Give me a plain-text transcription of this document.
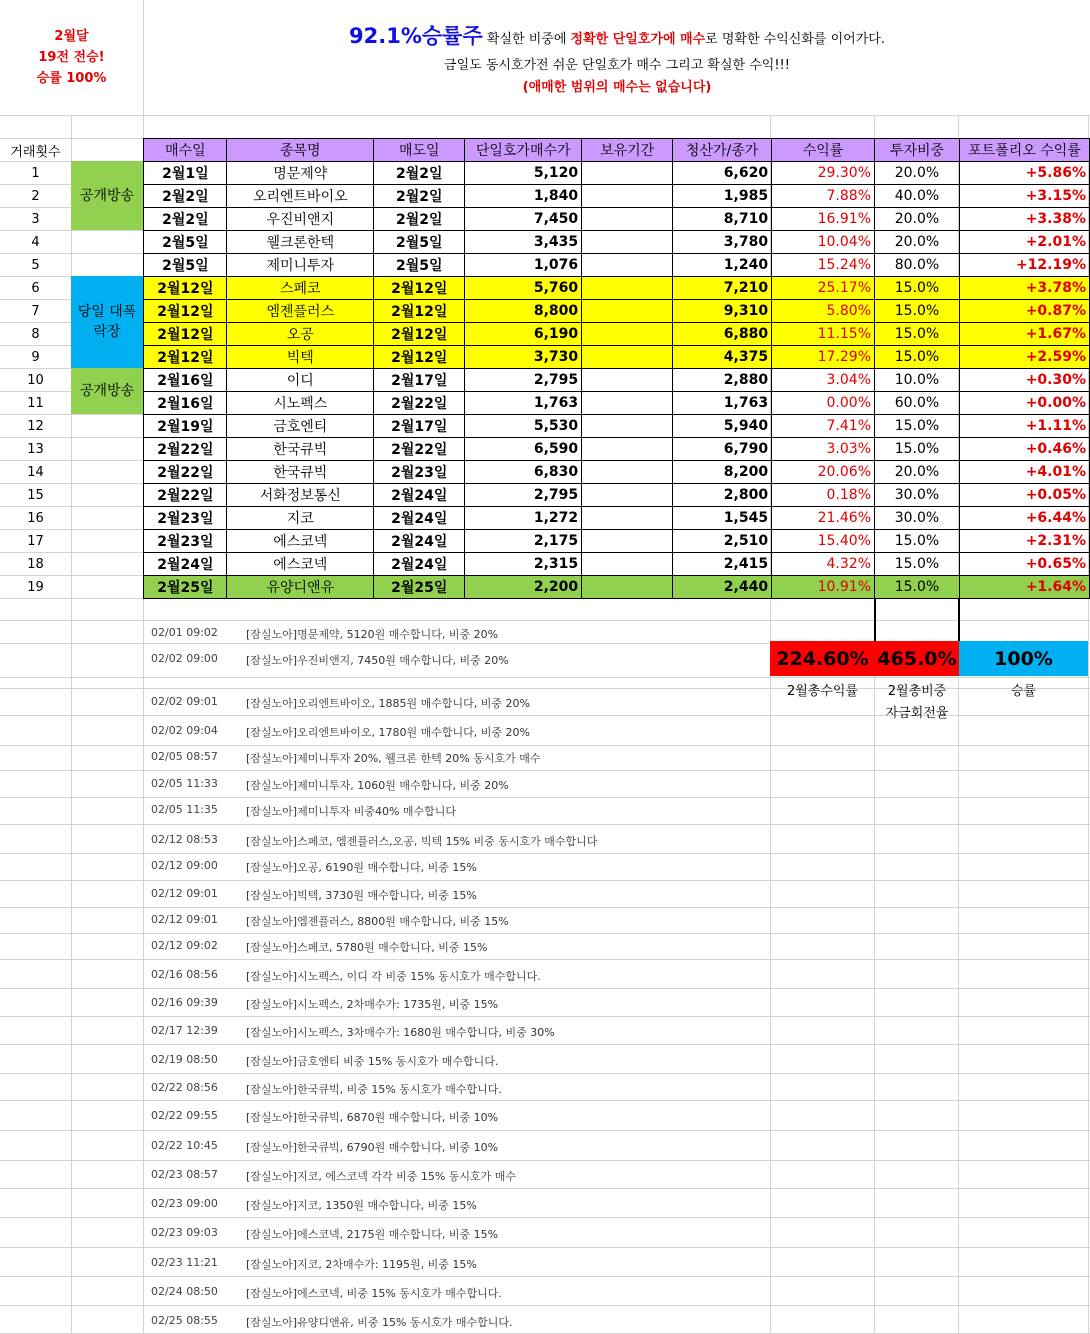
2월달
19전 전승!
승률 100%
92.1%승률주 확실한 비중에 정확한 단일호가에 매수로 명확한 수익신화를 이어가다.
금일도 동시호가전 쉬운 단일호가 매수 그리고 확실한 수익!!!
(애매한 범위의 매수는 없습니다)
거래횟수		매수일	종목명	매도일	단일호가매수가	보유기간	청산가/종가	수익률	투자비중	포트폴리오 수익률
1		2월1일	명문제약	2월2일	5,120		6,620	29.30%	20.0%	+5.86%
2		2월2일	오리엔트바이오	2월2일	1,840		1,985	7.88%	40.0%	+3.15%
3		2월2일	우진비앤지	2월2일	7,450		8,710	16.91%	20.0%	+3.38%
4		2월5일	웰크론한텍	2월5일	3,435		3,780	10.04%	20.0%	+2.01%
5		2월5일	제미니투자	2월5일	1,076		1,240	15.24%	80.0%	+12.19%
6		2월12일	스페코	2월12일	5,760		7,210	25.17%	15.0%	+3.78%
7		2월12일	엠젠플러스	2월12일	8,800		9,310	5.80%	15.0%	+0.87%
8		2월12일	오공	2월12일	6,190		6,880	11.15%	15.0%	+1.67%
9		2월12일	빅텍	2월12일	3,730		4,375	17.29%	15.0%	+2.59%
10		2월16일	이디	2월17일	2,795		2,880	3.04%	10.0%	+0.30%
11		2월16일	시노펙스	2월22일	1,763		1,763	0.00%	60.0%	+0.00%
12		2월19일	금호엔티	2월17일	5,530		5,940	7.41%	15.0%	+1.11%
13		2월22일	한국큐빅	2월22일	6,590		6,790	3.03%	15.0%	+0.46%
14		2월22일	한국큐빅	2월23일	6,830		8,200	20.06%	20.0%	+4.01%
15		2월22일	서화정보통신	2월24일	2,795		2,800	0.18%	30.0%	+0.05%
16		2월23일	지코	2월24일	1,272		1,545	21.46%	30.0%	+6.44%
17		2월23일	에스코넥	2월24일	2,175		2,510	15.40%	15.0%	+2.31%
18		2월24일	에스코넥	2월24일	2,315		2,415	4.32%	15.0%	+0.65%
19		2월25일	유양디앤유	2월25일	2,200		2,440	10.91%	15.0%	+1.64%
공개방송
당일 대폭락장
공개방송
224.60% 465.0%	100%
2월총수익률	2월총비중
자금회전율
승률
02/01 09:02	[잠실노아]명문제약, 5120원 매수합니다, 비중 20%
02/02 09:00	[잠실노아]우진비앤지, 7450원 매수합니다, 비중 20%
02/02 09:01	[잠실노아]오리엔트바이오, 1885원 매수합니다, 비중 20%
02/02 09:04	[잠실노아]오리엔트바이오, 1780원 매수합니다, 비중 20%
02/05 08:57	[잠실노아]제미니투자 20%, 웰크론 한텍 20% 동시호가 매수
02/05 11:33	[잠실노아]제미니투자, 1060원 매수합니다, 비중 20%
02/05 11:35	[잠실노아]제미니투자 비중40% 매수합니다
02/12 08:53	[잠실노아]스페코, 엠젠플러스,오공, 빅텍 15% 비중 동시호가 매수합니다
02/12 09:00	[잠실노아]오공, 6190원 매수합니다, 비중 15%
02/12 09:01	[잠실노아]빅텍, 3730원 매수합니다, 비중 15%
02/12 09:01	[잠실노아]엠젠플러스, 8800원 매수합니다, 비중 15%
02/12 09:02	[잠실노아]스페코, 5780원 매수합니다, 비중 15%
02/16 08:56	[잠실노아]시노펙스, 이디 각 비중 15% 동시호가 매수합니다.
02/16 09:39	[잠실노아]시노펙스, 2차매수가: 1735원, 비중 15%
02/17 12:39	[잠실노아]시노펙스, 3차매수가: 1680원 매수합니다, 비중 30%
02/19 08:50	[잠실노아]금호엔티 비중 15% 동시호가 매수합니다.
02/22 08:56	[잠실노아]한국큐빅, 비중 15% 동시호가 매수합니다.
02/22 09:55	[잠실노아]한국큐빅, 6870원 매수합니다, 비중 10%
02/22 10:45	[잠실노아]한국큐빅, 6790원 매수합니다, 비중 10%
02/23 08:57	[잠실노아]지코, 에스코넥 각각 비중 15% 동시호가 매수
02/23 09:00	[잠실노아]지코, 1350원 매수합니다, 비중 15%
02/23 09:03	[잠실노아]에스코넥, 2175원 매수합니다, 비중 15%
02/23 11:21	[잠실노아]지코, 2차매수가: 1195원, 비중 15%
02/24 08:50	[잠실노아]에스코넥, 비중 15% 동시호가 매수합니다.
02/25 08:55	[잠실노아]유양디앤유, 비중 15% 동시호가 매수합니다.
